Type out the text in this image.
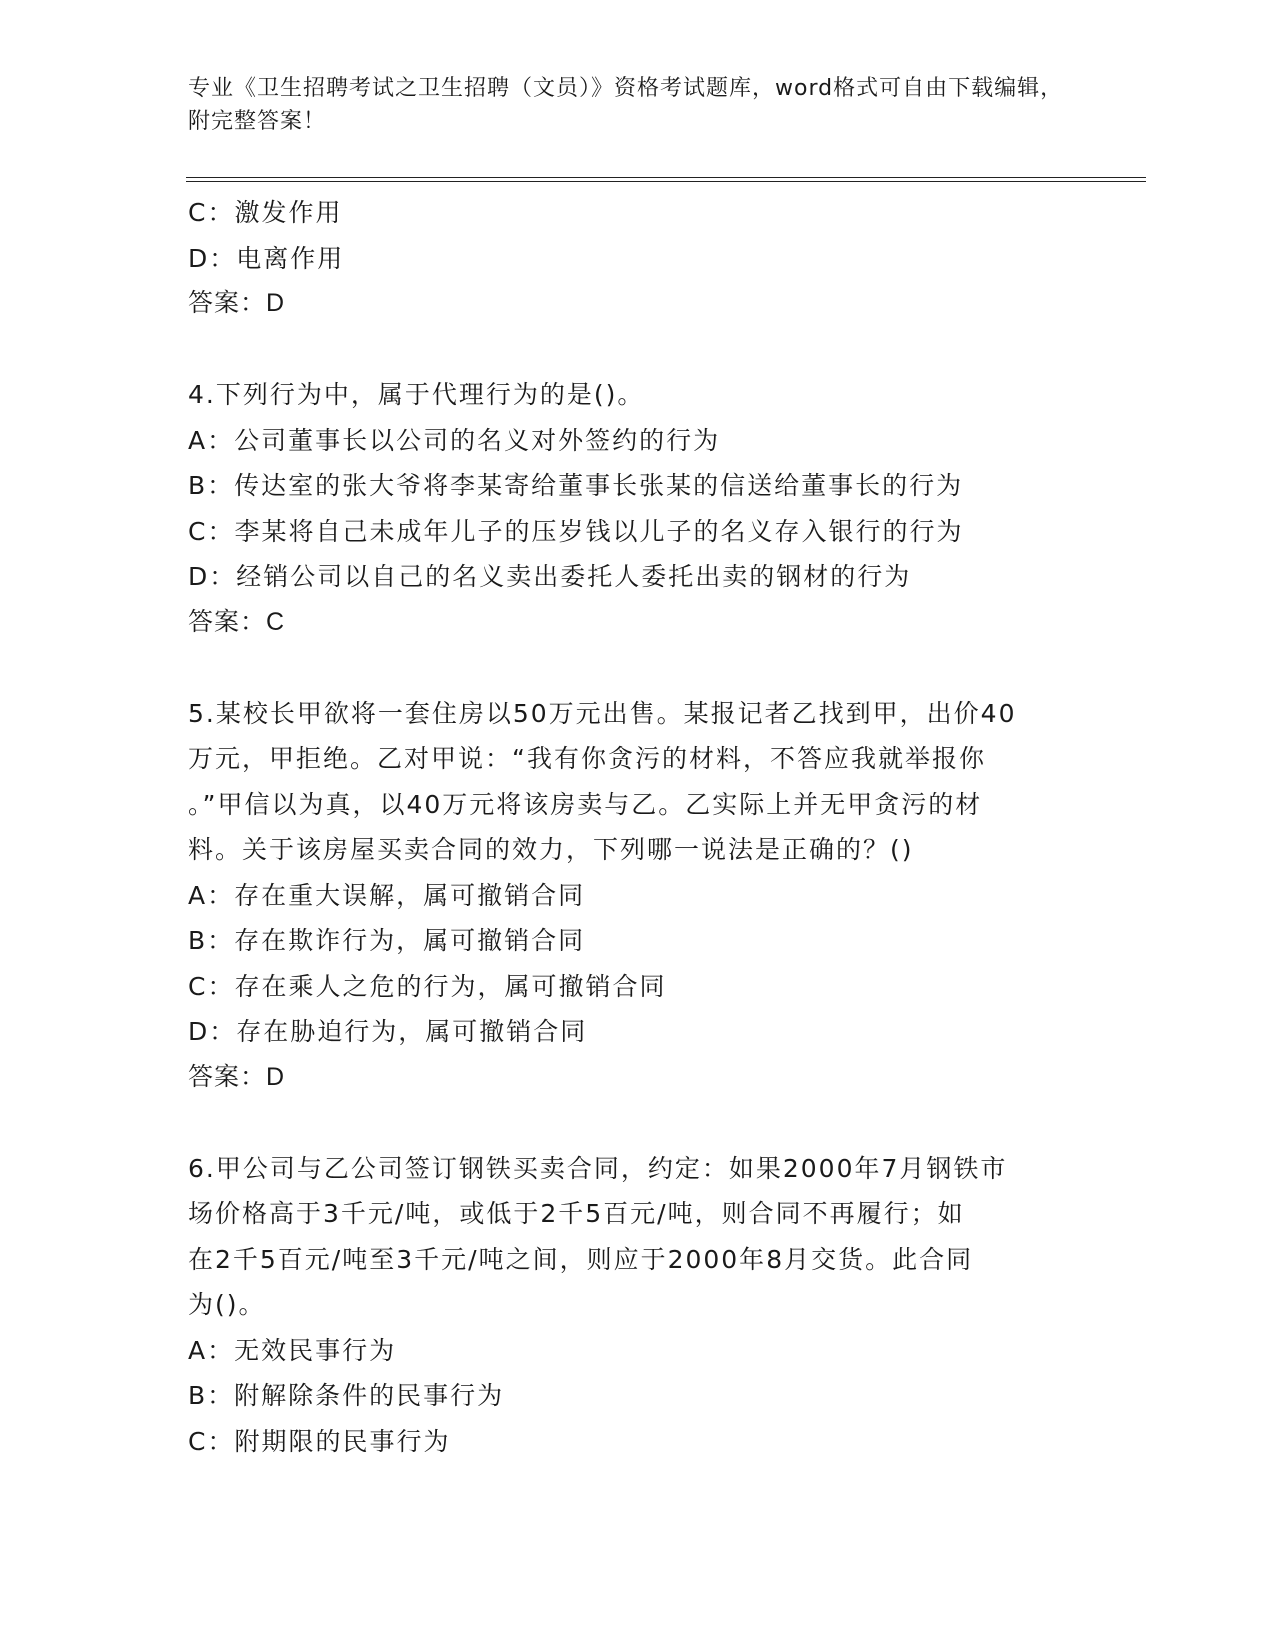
专业《卫生招聘考试之卫生招聘（文员）》资格考试题库，word格式可自由下载编辑，附完整答案！
C：激发作用
D：电离作用
答案：D
4.下列行为中，属于代理行为的是()。
A：公司董事长以公司的名义对外签约的行为
B：传达室的张大爷将李某寄给董事长张某的信送给董事长的行为
C：李某将自己未成年儿子的压岁钱以儿子的名义存入银行的行为
D：经销公司以自己的名义卖出委托人委托出卖的钢材的行为
答案：C
5.某校长甲欲将一套住房以50万元出售。某报记者乙找到甲，出价40
万元，甲拒绝。乙对甲说：“我有你贪污的材料，不答应我就举报你
。”甲信以为真，以40万元将该房卖与乙。乙实际上并无甲贪污的材
料。关于该房屋买卖合同的效力，下列哪一说法是正确的？()
A：存在重大误解，属可撤销合同
B：存在欺诈行为，属可撤销合同
C：存在乘人之危的行为，属可撤销合同
D：存在胁迫行为，属可撤销合同
答案：D
6.甲公司与乙公司签订钢铁买卖合同，约定：如果2000年7月钢铁市
场价格高于3千元/吨，或低于2千5百元/吨，则合同不再履行；如
在2千5百元/吨至3千元/吨之间，则应于2000年8月交货。此合同
为()。
A：无效民事行为
B：附解除条件的民事行为
C：附期限的民事行为
